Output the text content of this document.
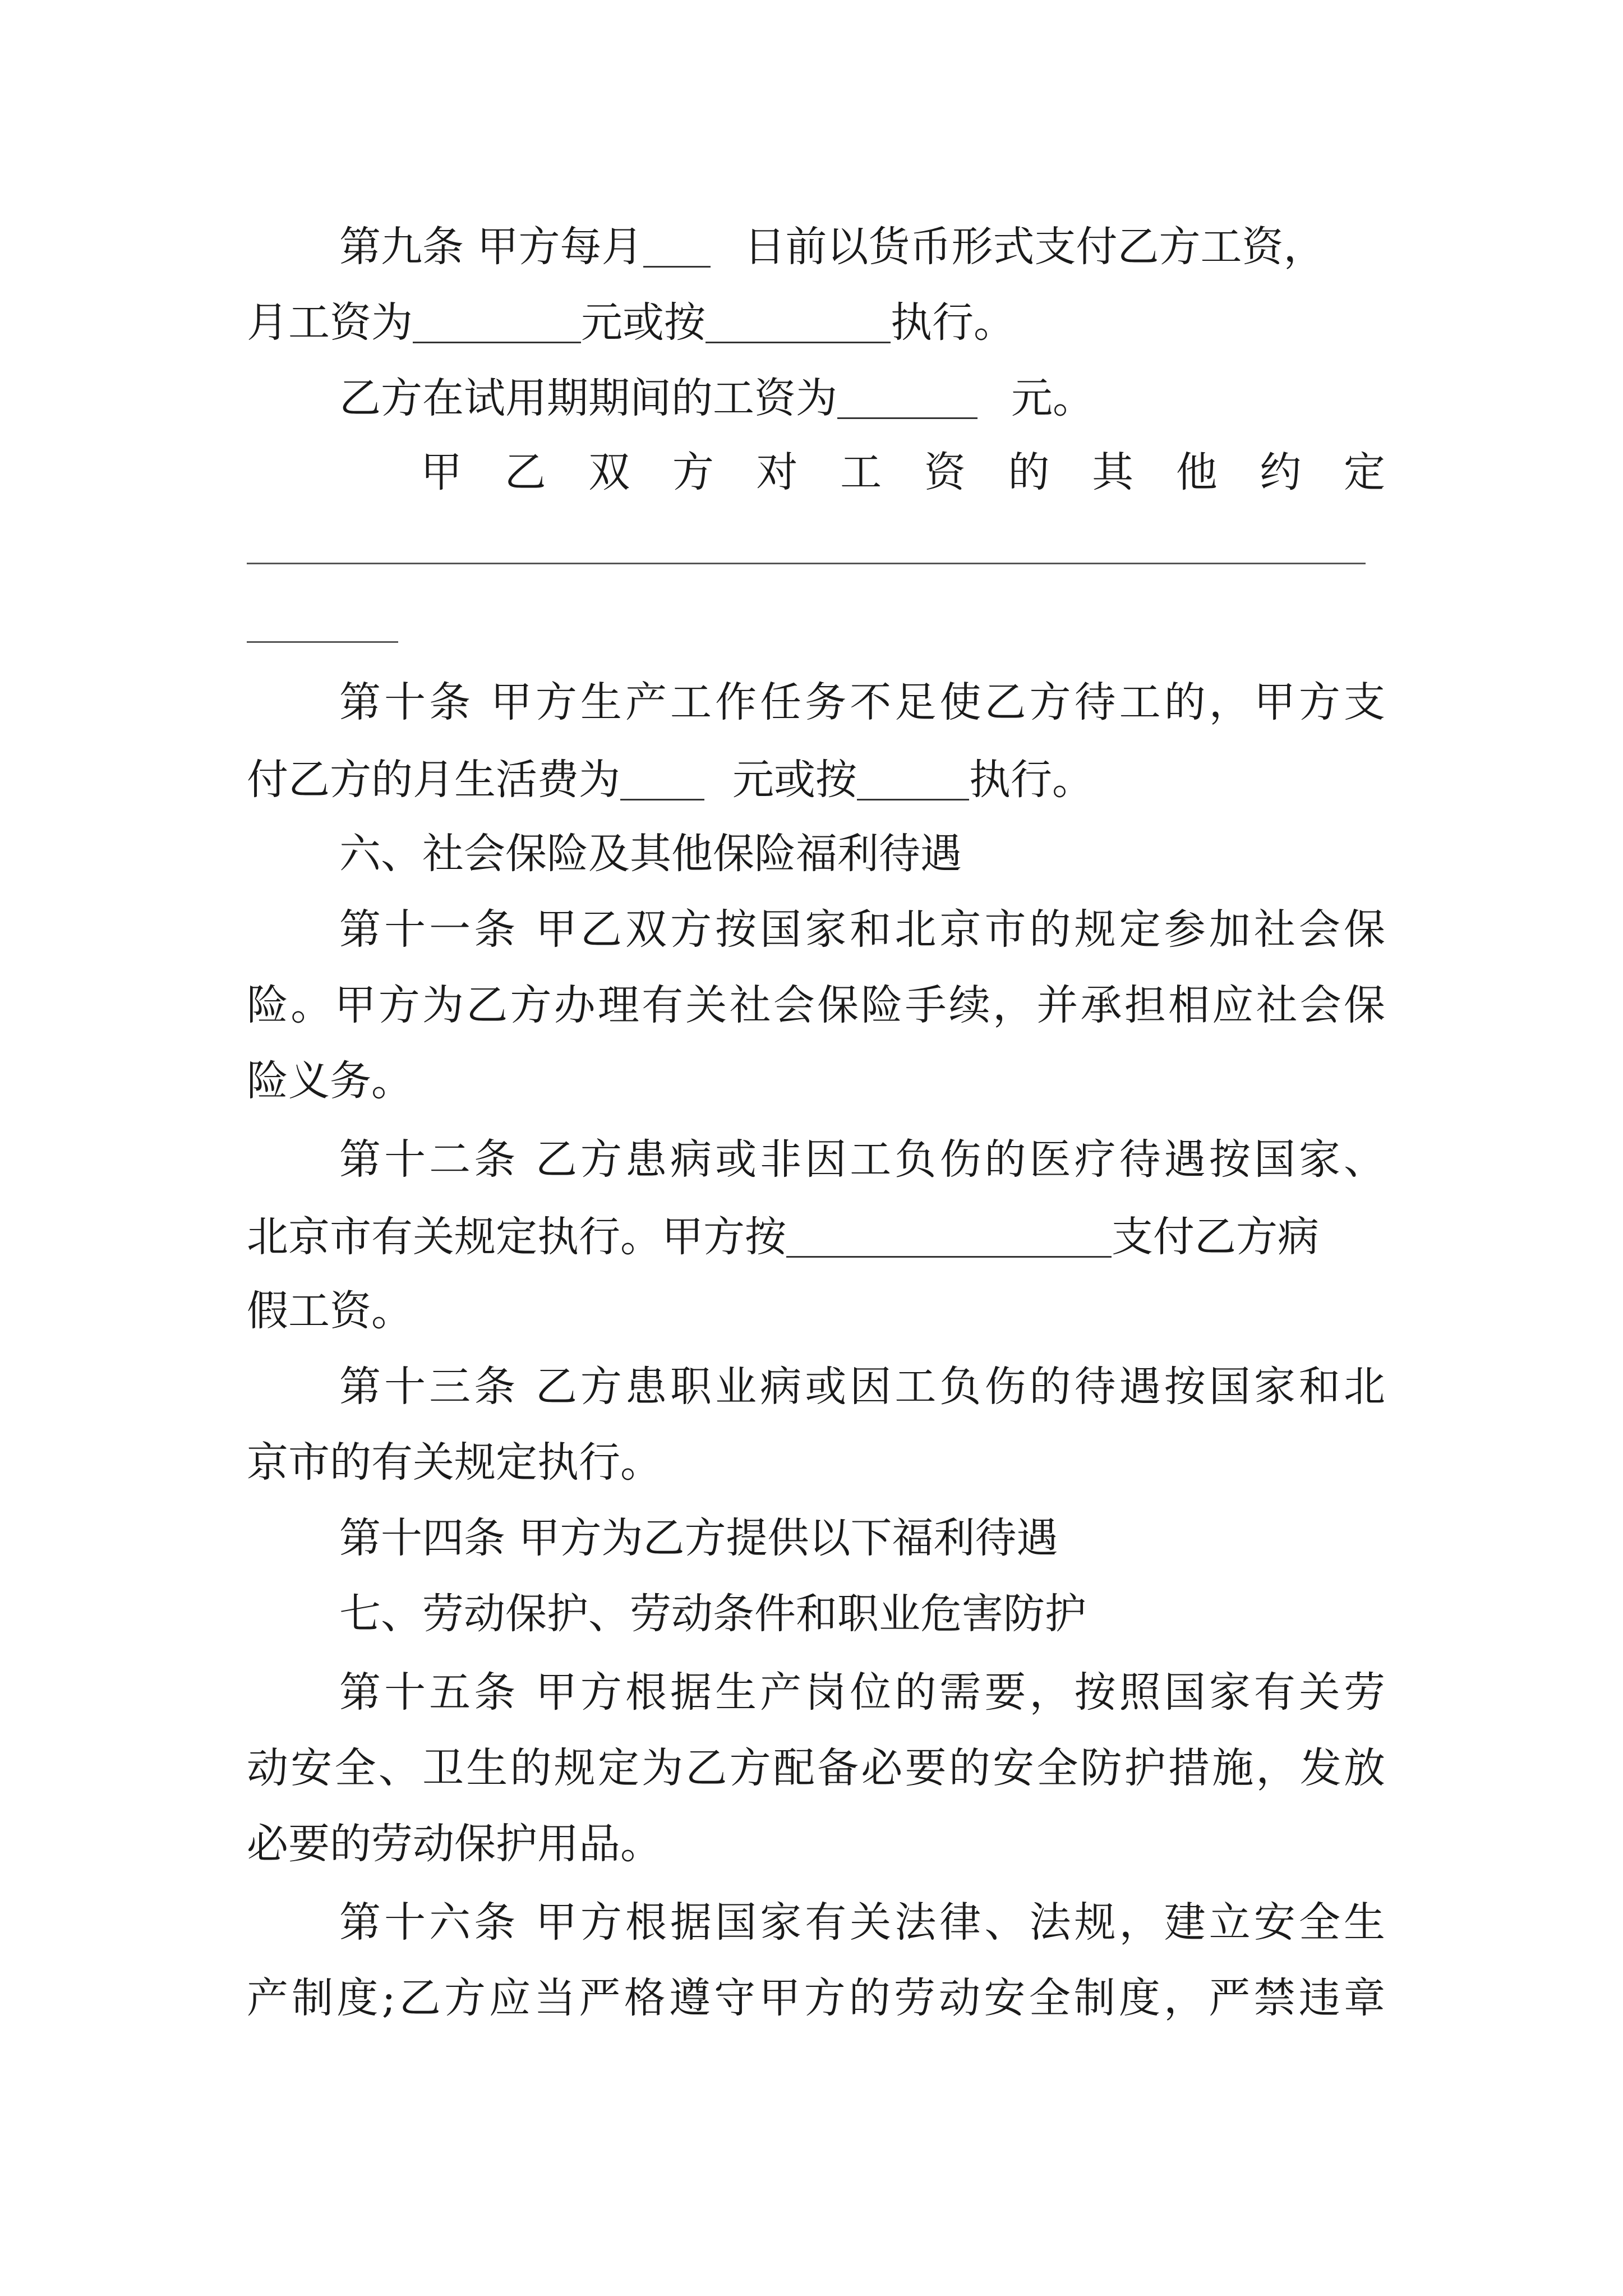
第九条 甲方每月 日前以货币形式支付乙方工资，
月工资为	元或按	执行。
乙方在试用期期间的工资为	元。
甲乙双方对工资的其他约定
第十条 甲方生产工作任务不足使乙方待工的，甲方支
付乙方的月生活费为	元或按	执行。
六、社会保险及其他保险福利待遇
第十一条 甲乙双方按国家和北京市的规定参加社会保
险。甲方为乙方办理有关社会保险手续，并承担相应社会保
险义务。
第十二条 乙方患病或非因工负伤的医疗待遇按国家、
北京市有关规定执行。甲方按	支付乙方病
假工资。
第十三条 乙方患职业病或因工负伤的待遇按国家和北
京市的有关规定执行。
第十四条 甲方为乙方提供以下福利待遇
七、劳动保护、劳动条件和职业危害防护
第十五条 甲方根据生产岗位的需要，按照国家有关劳
动安全、卫生的规定为乙方配备必要的安全防护措施，发放
必要的劳动保护用品。
第十六条 甲方根据国家有关法律、法规，建立安全生
产制度;乙方应当严格遵守甲方的劳动安全制度，严禁违章
